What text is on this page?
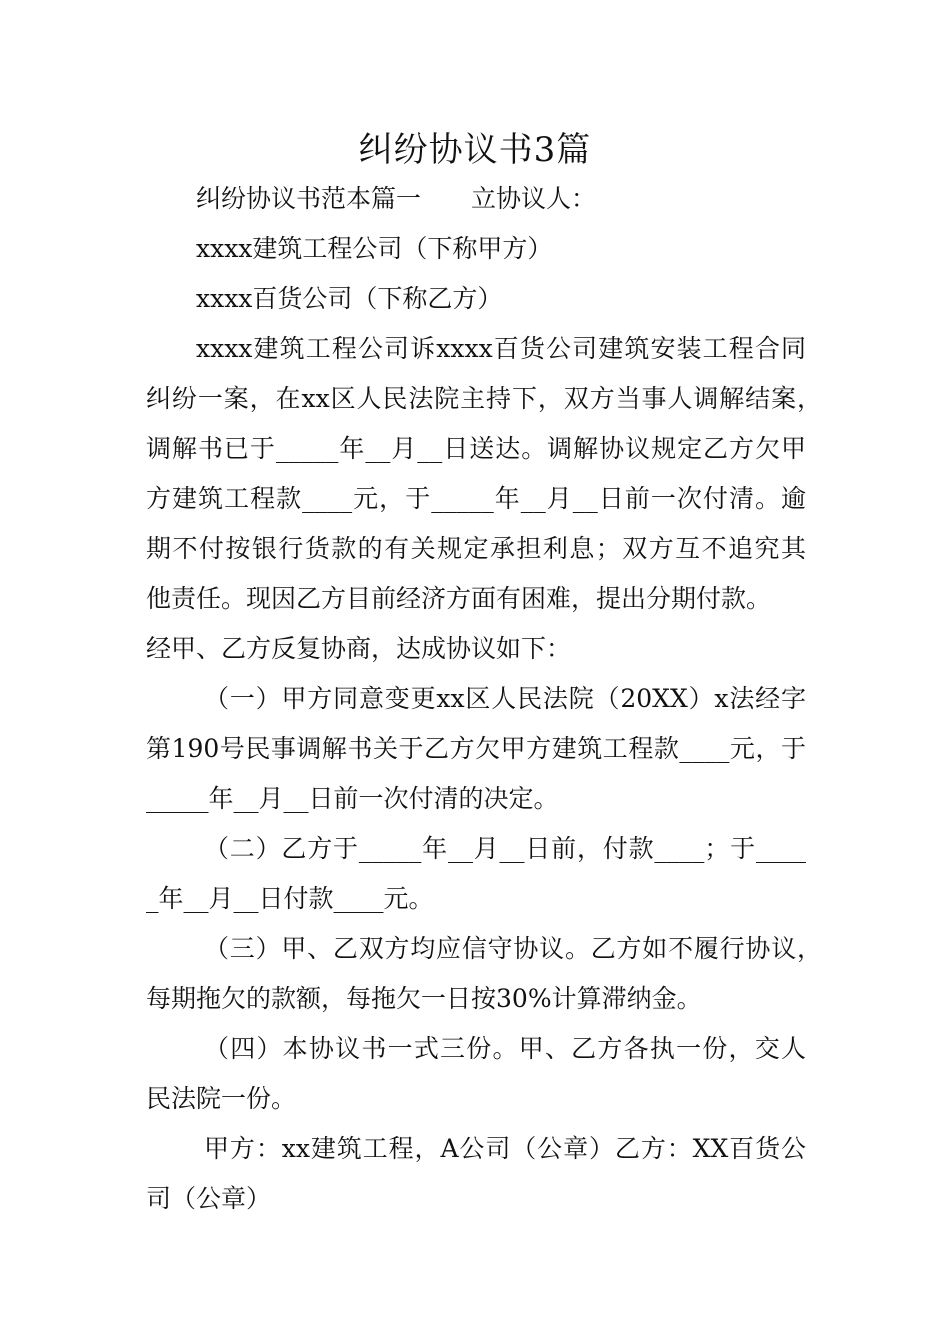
纠纷协议书3篇

纠纷协议书范本篇一　　立协议人：

xxxx建筑工程公司（下称甲方）

xxxx百货公司（下称乙方）

xxxx建筑工程公司诉xxxx百货公司建筑安装工程合同

纠纷一案，在xx区人民法院主持下，双方当事人调解结案，

调解书已于_____年__月__日送达。调解协议规定乙方欠甲

方建筑工程款____元，于_____年__月__日前一次付清。逾

期不付按银行货款的有关规定承担利息；双方互不追究其

他责任。现因乙方目前经济方面有困难，提出分期付款。

经甲、乙方反复协商，达成协议如下：

（一）甲方同意变更xx区人民法院（20XX）x法经字

第190号民事调解书关于乙方欠甲方建筑工程款____元，于

_____年__月__日前一次付清的决定。

（二）乙方于_____年__月__日前，付款____；于____

_年__月__日付款____元。

（三）甲、乙双方均应信守协议。乙方如不履行协议，

每期拖欠的款额，每拖欠一日按30%计算滞纳金。

（四）本协议书一式三份。甲、乙方各执一份，交人

民法院一份。

甲方：xx建筑工程，A公司（公章）乙方：XX百货公

司（公章）
